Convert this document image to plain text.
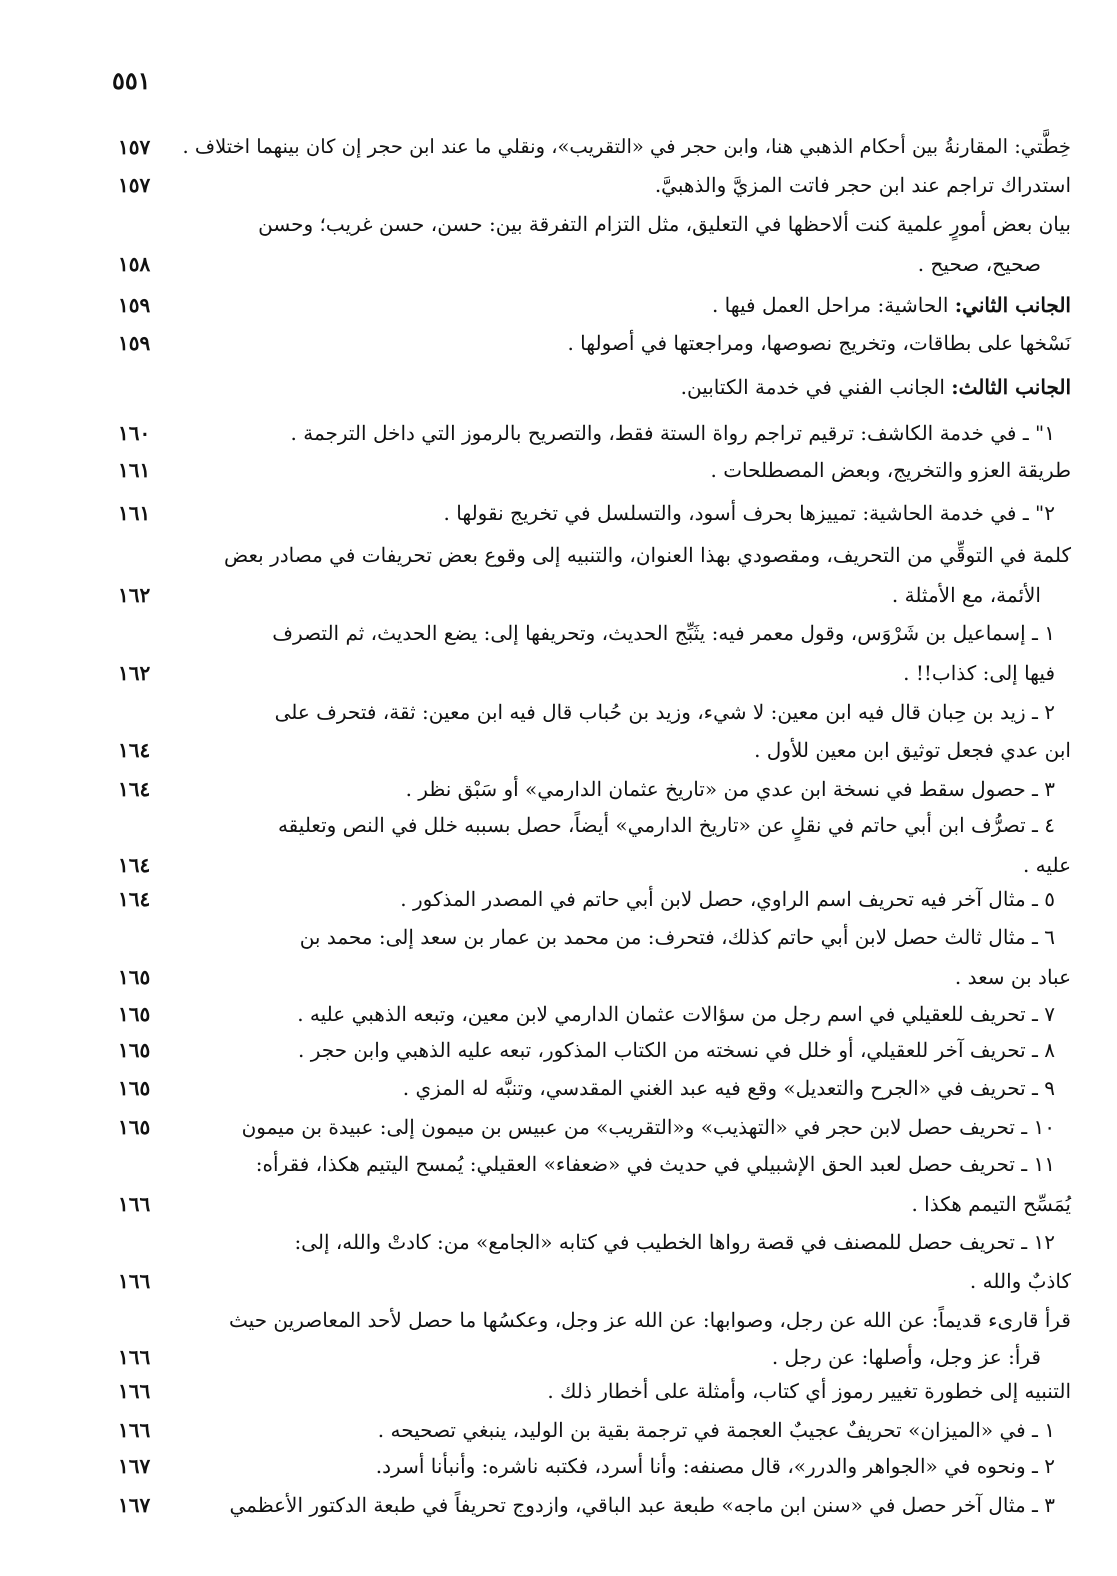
٥٥١
خِطَّتي: المقارنةُ بين أحكام الذهبي هنا، وابن حجر في «التقريب»، ونقلي ما عند ابن حجر إن كان بينهما اختلاف .
١٥٧
استدراك تراجم عند ابن حجر فاتت المزيَّ والذهبيَّ.
١٥٧
بيان بعض أمورٍ علمية كنت ألاحظها في التعليق، مثل التزام التفرقة بين: حسن، حسن غريب؛ وحسن
صحيح، صحيح .
١٥٨
الجانب الثاني: الحاشية: مراحل العمل فيها .
١٥٩
نَسْخها على بطاقات، وتخريج نصوصها، ومراجعتها في أصولها .
١٥٩
الجانب الثالث: الجانب الفني في خدمة الكتابين.
١" ـ في خدمة الكاشف: ترقيم تراجم رواة الستة فقط، والتصريح بالرموز التي داخل الترجمة .
١٦٠
طريقة العزو والتخريج، وبعض المصطلحات .
١٦١
٢" ـ في خدمة الحاشية: تمييزها بحرف أسود، والتسلسل في تخريج نقولها .
١٦١
كلمة في التوقِّي من التحريف، ومقصودي بهذا العنوان، والتنبيه إلى وقوع بعض تحريفات في مصادر بعض
الأئمة، مع الأمثلة .
١٦٢
١ ـ إسماعيل بن شَرْوَس، وقول معمر فيه: يثَبِّج الحديث، وتحريفها إلى: يضع الحديث، ثم التصرف
فيها إلى: كذاب!! .
١٦٢
٢ ـ زيد بن حِبان قال فيه ابن معين: لا شيء، وزيد بن حُباب قال فيه ابن معين: ثقة، فتحرف على
ابن عدي فجعل توثيق ابن معين للأول .
١٦٤
٣ ـ حصول سقط في نسخة ابن عدي من «تاريخ عثمان الدارمي» أو سَبْق نظر .
١٦٤
٤ ـ تصرُّف ابن أبي حاتم في نقلٍ عن «تاريخ الدارمي» أيضاً، حصل بسببه خلل في النص وتعليقه
عليه .
١٦٤
٥ ـ مثال آخر فيه تحريف اسم الراوي، حصل لابن أبي حاتم في المصدر المذكور .
١٦٤
٦ ـ مثال ثالث حصل لابن أبي حاتم كذلك، فتحرف: من محمد بن عمار بن سعد إلى: محمد بن
عباد بن سعد .
١٦٥
٧ ـ تحريف للعقيلي في اسم رجل من سؤالات عثمان الدارمي لابن معين، وتبعه الذهبي عليه .
١٦٥
٨ ـ تحريف آخر للعقيلي، أو خلل في نسخته من الكتاب المذكور، تبعه عليه الذهبي وابن حجر .
١٦٥
٩ ـ تحريف في «الجرح والتعديل» وقع فيه عبد الغني المقدسي، وتنبَّه له المزي .
١٦٥
١٠ ـ تحريف حصل لابن حجر في «التهذيب» و«التقريب» من عبيس بن ميمون إلى: عبيدة بن ميمون
١٦٥
١١ ـ تحريف حصل لعبد الحق الإشبيلي في حديث في «ضعفاء» العقيلي: يُمسح اليتيم هكذا، فقرأه:
يُمَسِّح التيمم هكذا .
١٦٦
١٢ ـ تحريف حصل للمصنف في قصة رواها الخطيب في كتابه «الجامع» من: كادتْ والله، إلى:
كاذبٌ والله .
١٦٦
قرأ قارىء قديماً: عن الله عن رجل، وصوابها: عن الله عز وجل، وعكسُها ما حصل لأحد المعاصرين حيث
قرأ: عز وجل، وأصلها: عن رجل .
١٦٦
التنبيه إلى خطورة تغيير رموز أي كتاب، وأمثلة على أخطار ذلك .
١٦٦
١ ـ في «الميزان» تحريفٌ عجيبٌ العجمة في ترجمة بقية بن الوليد، ينبغي تصحيحه .
١٦٦
٢ ـ ونحوه في «الجواهر والدرر»، قال مصنفه: وأنا أسرد، فكتبه ناشره: وأنبأنا أسرد.
١٦٧
٣ ـ مثال آخر حصل في «سنن ابن ماجه» طبعة عبد الباقي، وازدوج تحريفاً في طبعة الدكتور الأعظمي
١٦٧
